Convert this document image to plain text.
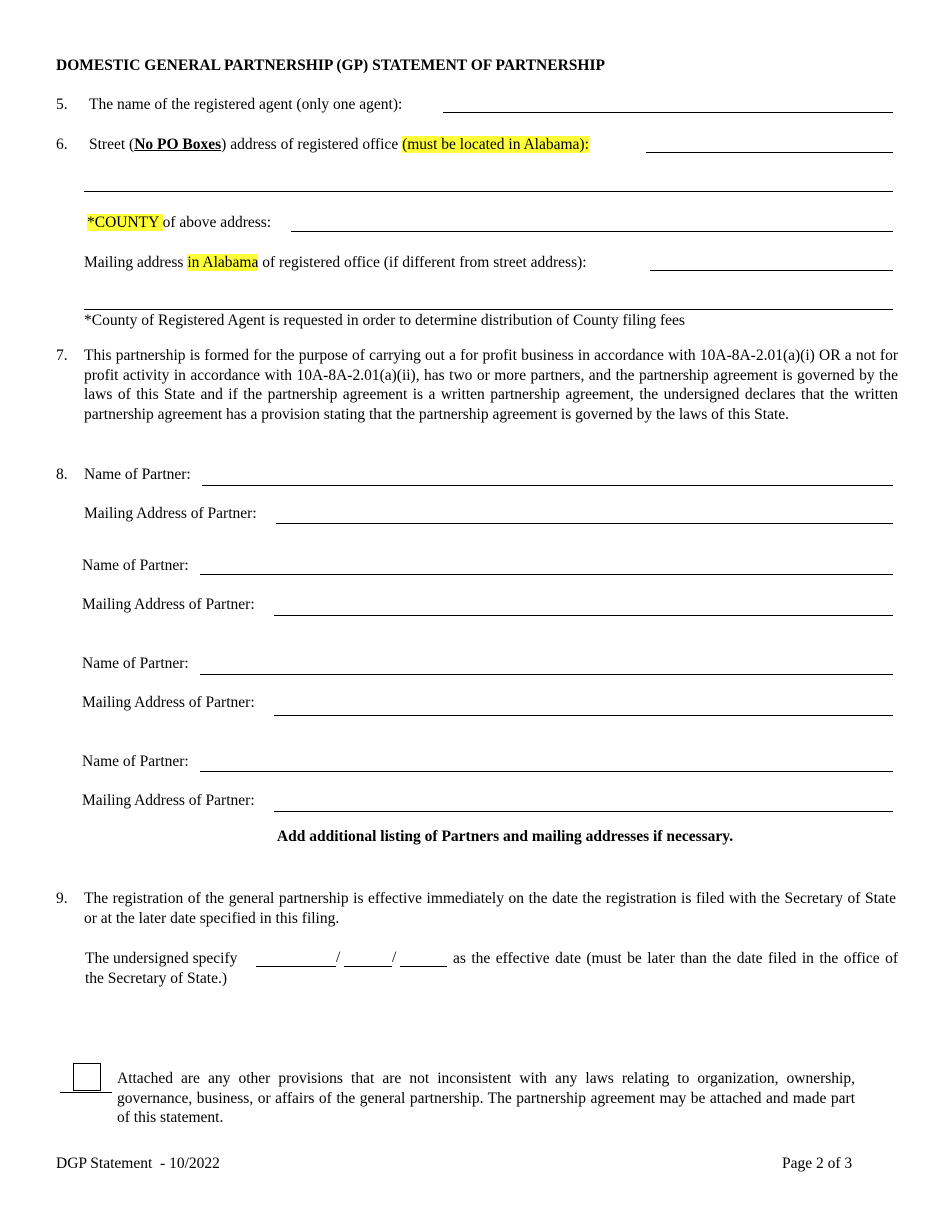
DOMESTIC GENERAL PARTNERSHIP (GP) STATEMENT OF PARTNERSHIP
5. The name of the registered agent (only one agent):
6. Street (No PO Boxes) address of registered office (must be located in Alabama):
*COUNTY of above address:
Mailing address in Alabama of registered office (if different from street address):
*County of Registered Agent is requested in order to determine distribution of County filing fees
7. This partnership is formed for the purpose of carrying out a for profit business in accordance with 10A-8A-2.01(a)(i) OR a not for profit activity in accordance with 10A-8A-2.01(a)(ii), has two or more partners, and the partnership agreement is governed by the laws of this State and if the partnership agreement is a written partnership agreement, the undersigned declares that the written partnership agreement has a provision stating that the partnership agreement is governed by the laws of this State.
8. Name of Partner:
Mailing Address of Partner:
Name of Partner:
Mailing Address of Partner:
Name of Partner:
Mailing Address of Partner:
Name of Partner:
Mailing Address of Partner:
Add additional listing of Partners and mailing addresses if necessary.
9. The registration of the general partnership is effective immediately on the date the registration is filed with the Secretary of State or at the later date specified in this filing.
The undersigned specify	/	/	as the effective date (must be later than the date filed in the office of the Secretary of State.)
Attached are any other provisions that are not inconsistent with any laws relating to organization, ownership, governance, business, or affairs of the general partnership. The partnership agreement may be attached and made part of this statement.
DGP Statement  - 10/2022	Page 2 of 3
